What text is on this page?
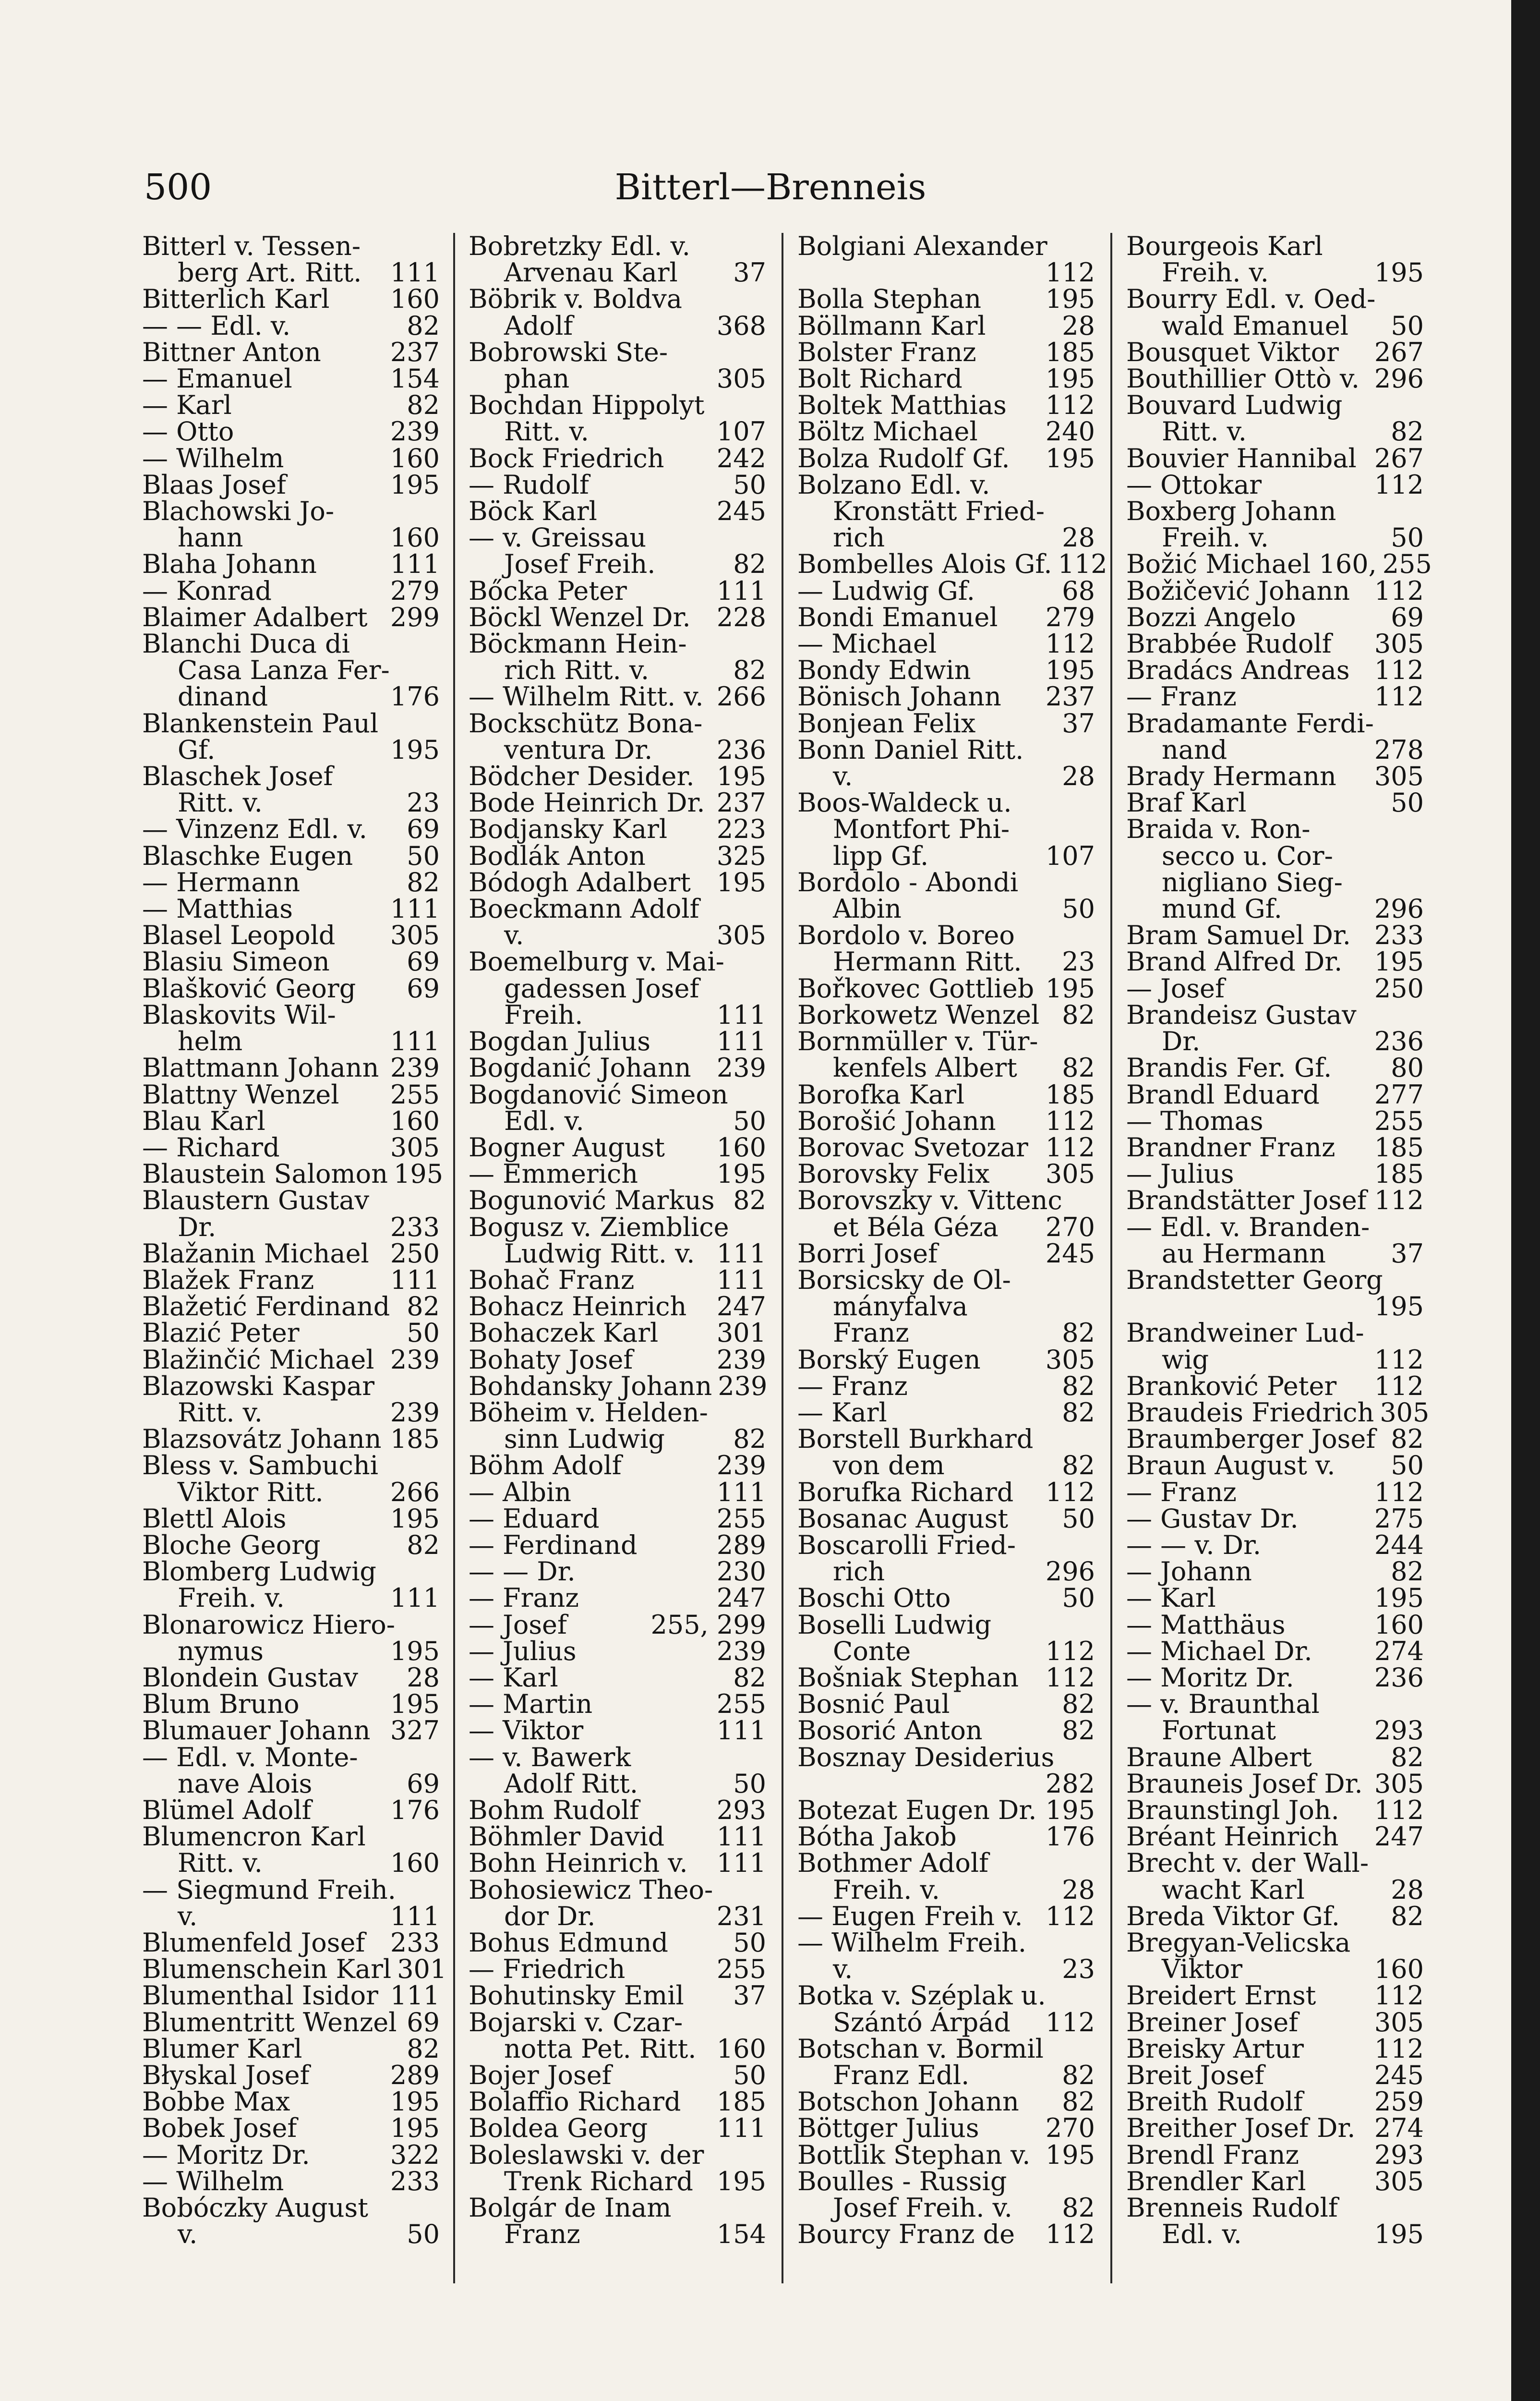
500	Bitterl—Brenneis
Bitterl v. Tessen-
berg Art. Ritt. 111
Bitterlich Karl 160
— — Edl. v.	82
Bittner Anton	237
— Emanuel	154
— Karl	82
— Otto	239
— Wilhelm	160
Blaas Josef	195
Blachowski Jo-
hann	160
Blaha Johann	111
— Konrad	279
Blaimer Adalbert 299
Blanchi Duca di
Casa Lanza Fer-
dinand	176
Blankenstein Paul
Gf.	195
Blaschek Josef
Ritt. v.	23
— Vinzenz Edl. v. 69
Blaschke Eugen 50
— Hermann	82
— Matthias	111
Blasel Leopold 305
Blasiu Simeon	69
Blašković Georg 69
Blaskovits Wil-
helm	111
Blattmann Johann 239
Blattny Wenzel 255
Blau Karl	160
— Richard	305
Blaustein Salomon 195
Blaustern Gustav
Dr.	233
Blažanin Michael 250
Blažek Franz	111
Blažetić Ferdinand 82
Blazić Peter	50
Blažinčić Michael 239
Blazowski Kaspar
Ritt. v.	239
Blazsovátz Johann 185
Bless v. Sambuchi
Viktor Ritt.	266
Blettl Alois	195
Bloche Georg	82
Blomberg Ludwig
Freih. v.	111
Blonarowicz Hiero-
nymus	195
Blondein Gustav 28
Blum Bruno	195
Blumauer Johann 327
— Edl. v. Monte-
nave Alois	69
Blümel Adolf	176
Blumencron Karl
Ritt. v.	160
— Siegmund Freih.
v.	111
Blumenfeld Josef 233
Blumenschein Karl 301
Blumenthal Isidor 111
Blumentritt Wenzel 69
Blumer Karl	82
Błyskal Josef	289
Bobbe Max	195
Bobek Josef	195
— Moritz Dr.	322
— Wilhelm	233
Bobóczky August
v.	50
Bobretzky Edl. v.
Arvenau Karl 37
Böbrik v. Boldva
Adolf	368
Bobrowski Ste-
phan	305
Bochdan Hippolyt
Ritt. v.	107
Bock Friedrich 242
— Rudolf	50
Böck Karl	245
— v. Greissau
Josef Freih.	82
Bőcka Peter	111
Böckl Wenzel Dr. 228
Böckmann Hein-
rich Ritt. v.	82
— Wilhelm Ritt. v. 266
Bockschütz Bona-
ventura Dr. 236
Bödcher Desider. 195
Bode Heinrich Dr. 237
Bodjansky Karl 223
Bodlák Anton	325
Bódogh Adalbert 195
Boeckmann Adolf
v.	305
Boemelburg v. Mai-
gadessen Josef
Freih.	111
Bogdan Julius	111
Bogdanić Johann 239
Bogdanović Simeon
Edl. v.	50
Bogner August 160
— Emmerich	195
Bogunović Markus 82
Bogusz v. Ziemblice
Ludwig Ritt. v. 111
Bohač Franz	111
Bohacz Heinrich 247
Bohaczek Karl 301
Bohaty Josef	239
Bohdansky Johann 239
Böheim v. Helden-
sinn Ludwig	82
Böhm Adolf	239
— Albin	111
— Eduard	255
— Ferdinand	289
— — Dr.	230
— Franz	247
— Josef	255, 299
— Julius	239
— Karl	82
— Martin	255
— Viktor	111
— v. Bawerk
Adolf Ritt.	50
Bohm Rudolf	293
Böhmler David 111
Bohn Heinrich v. 111
Bohosiewicz Theo-
dor Dr.	231
Bohus Edmund	50
— Friedrich	255
Bohutinsky Emil 37
Bojarski v. Czar-
notta Pet. Ritt. 160
Bojer Josef	50
Bolaffio Richard 185
Boldea Georg	111
Boleslawski v. der
Trenk Richard 195
Bolgár de Inam
Franz	154
Bolgiani Alexander
112
Bolla Stephan 195
Böllmann Karl	28
Bolster Franz	185
Bolt Richard	195
Boltek Matthias 112
Böltz Michael	240
Bolza Rudolf Gf. 195
Bolzano Edl. v.
Kronstätt Fried-
rich	28
Bombelles Alois Gf. 112
— Ludwig Gf.	68
Bondi Emanuel 279
— Michael	112
Bondy Edwin	195
Bönisch Johann 237
Bonjean Felix	37
Bonn Daniel Ritt.
v.	28
Boos-Waldeck u.
Montfort Phi-
lipp Gf.	107
Bordolo - Abondi
Albin	50
Bordolo v. Boreo
Hermann Ritt. 23
Bořkovec Gottlieb 195
Borkowetz Wenzel 82
Bornmüller v. Tür-
kenfels Albert 82
Borofka Karl	185
Borošić Johann 112
Borovac Svetozar 112
Borovsky Felix 305
Borovszky v. Vittenc
et Béla Géza 270
Borri Josef	245
Borsicsky de Ol-
mányfalva
Franz	82
Borský Eugen	305
— Franz	82
— Karl	82
Borstell Burkhard
von dem	82
Borufka Richard 112
Bosanac August 50
Boscarolli Fried-
rich	296
Boschi Otto	50
Boselli Ludwig
Conte	112
Bošniak Stephan 112
Bosnić Paul	82
Bosorić Anton	82
Bosznay Desiderius
282
Botezat Eugen Dr. 195
Bótha Jakob	176
Bothmer Adolf
Freih. v.	28
— Eugen Freih v. 112
— Wilhelm Freih.
v.	23
Botka v. Széplak u.
Szántó Árpád 112
Botschan v. Bormil
Franz Edl.	82
Botschon Johann 82
Böttger Julius	270
Bottlik Stephan v. 195
Boulles - Russig
Josef Freih. v. 82
Bourcy Franz de 112
Bourgeois Karl
Freih. v.	195
Bourry Edl. v. Oed-
wald Emanuel 50
Bousquet Viktor 267
Bouthillier Ottò v. 296
Bouvard Ludwig
Ritt. v.	82
Bouvier Hannibal 267
— Ottokar	112
Boxberg Johann
Freih. v.	50
Božić Michael 160, 255
Božičević Johann 112
Bozzi Angelo	69
Brabbée Rudolf 305
Bradács Andreas 112
— Franz	112
Bradamante Ferdi-
nand	278
Brady Hermann 305
Braf Karl	50
Braida v. Ron-
secco u. Cor-
nigliano Sieg-
mund Gf.	296
Bram Samuel Dr. 233
Brand Alfred Dr. 195
— Josef	250
Brandeisz Gustav
Dr.	236
Brandis Fer. Gf. 80
Brandl Eduard 277
— Thomas	255
Brandner Franz 185
— Julius	185
Brandstätter Josef 112
— Edl. v. Branden-
au Hermann	37
Brandstetter Georg
195
Brandweiner Lud-
wig	112
Branković Peter 112
Braudeis Friedrich 305
Braumberger Josef 82
Braun August v. 50
— Franz	112
— Gustav Dr.	275
— — v. Dr.	244
— Johann	82
— Karl	195
— Matthäus	160
— Michael Dr. 274
— Moritz Dr.	236
— v. Braunthal
Fortunat	293
Braune Albert	82
Brauneis Josef Dr. 305
Braunstingl Joh. 112
Bréant Heinrich 247
Brecht v. der Wall-
wacht Karl	28
Breda Viktor Gf. 82
Bregyan-Velicska
Viktor	160
Breidert Ernst 112
Breiner Josef	305
Breisky Artur	112
Breit Josef	245
Breith Rudolf	259
Breither Josef Dr. 274
Brendl Franz	293
Brendler Karl	305
Brenneis Rudolf
Edl. v.	195
